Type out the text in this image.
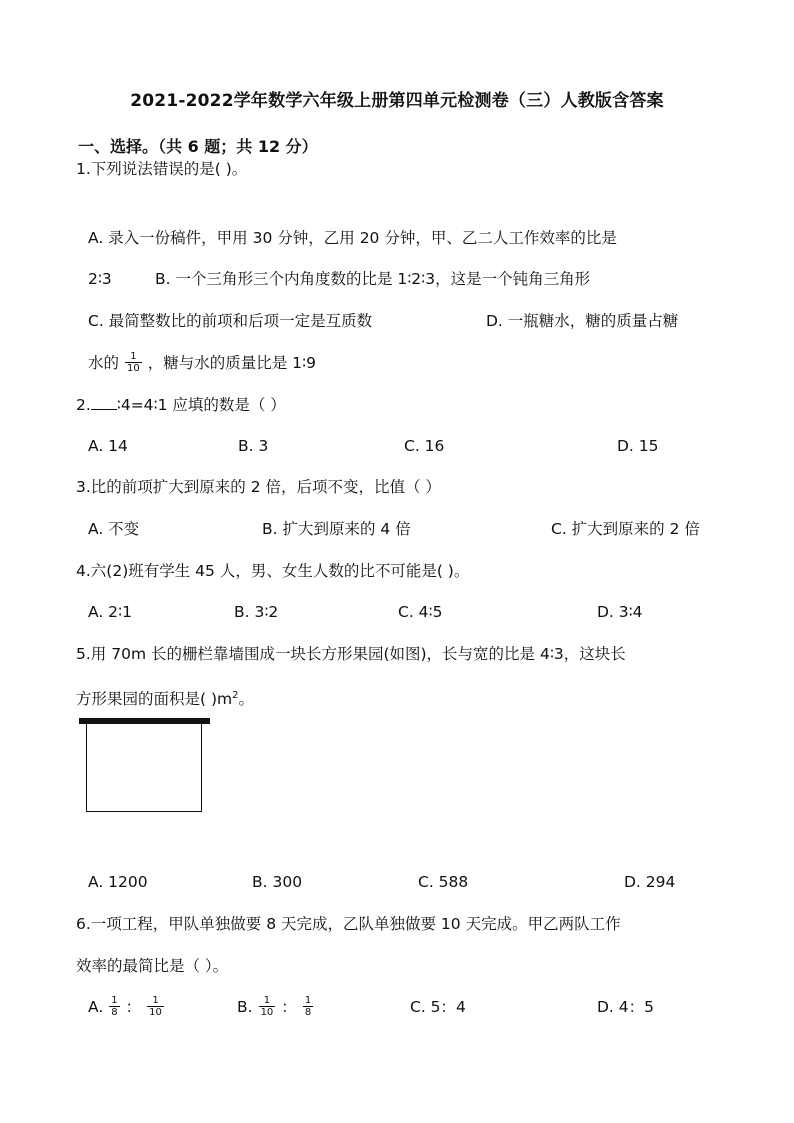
2021-2022学年数学六年级上册第四单元检测卷（三）人教版含答案
一、选择。（共 6 题；共 12 分）
1.下列说法错误的是( )。
A. 录入一份稿件，甲用 30 分钟，乙用 20 分钟，甲、乙二人工作效率的比是
2∶3	B. 一个三角形三个内角度数的比是 1∶2∶3，这是一个钝角三角形
C. 最简整数比的前项和后项一定是互质数	D. 一瓶糖水，糖的质量占糖
水的 $\frac{1}{10}$ ，糖与水的质量比是 1∶9
2. ∶4=4∶1 应填的数是（ ）
A. 14	B. 3	C. 16	D. 15
3.比的前项扩大到原来的 2 倍，后项不变，比值（ ）
A. 不变	B. 扩大到原来的 4 倍	C. 扩大到原来的 2 倍
4.六(2)班有学生 45 人，男、女生人数的比不可能是( )。
A. 2∶1	B. 3∶2	C. 4∶5	D. 3∶4
5.用 70m 长的栅栏靠墙围成一块长方形果园(如图)，长与宽的比是 4∶3，这块长
方形果园的面积是( )$m^2$。
A. 1200	B. 300	C. 588	D. 294
6.一项工程，甲队单独做要 8 天完成，乙队单独做要 10 天完成。甲乙两队工作
效率的最简比是（ ）。
A. $\frac{1}{8}$ ： $\frac{1}{10}$	B. $\frac{1}{10}$ ： $\frac{1}{8}$	C. 5：4	D. 4：5
